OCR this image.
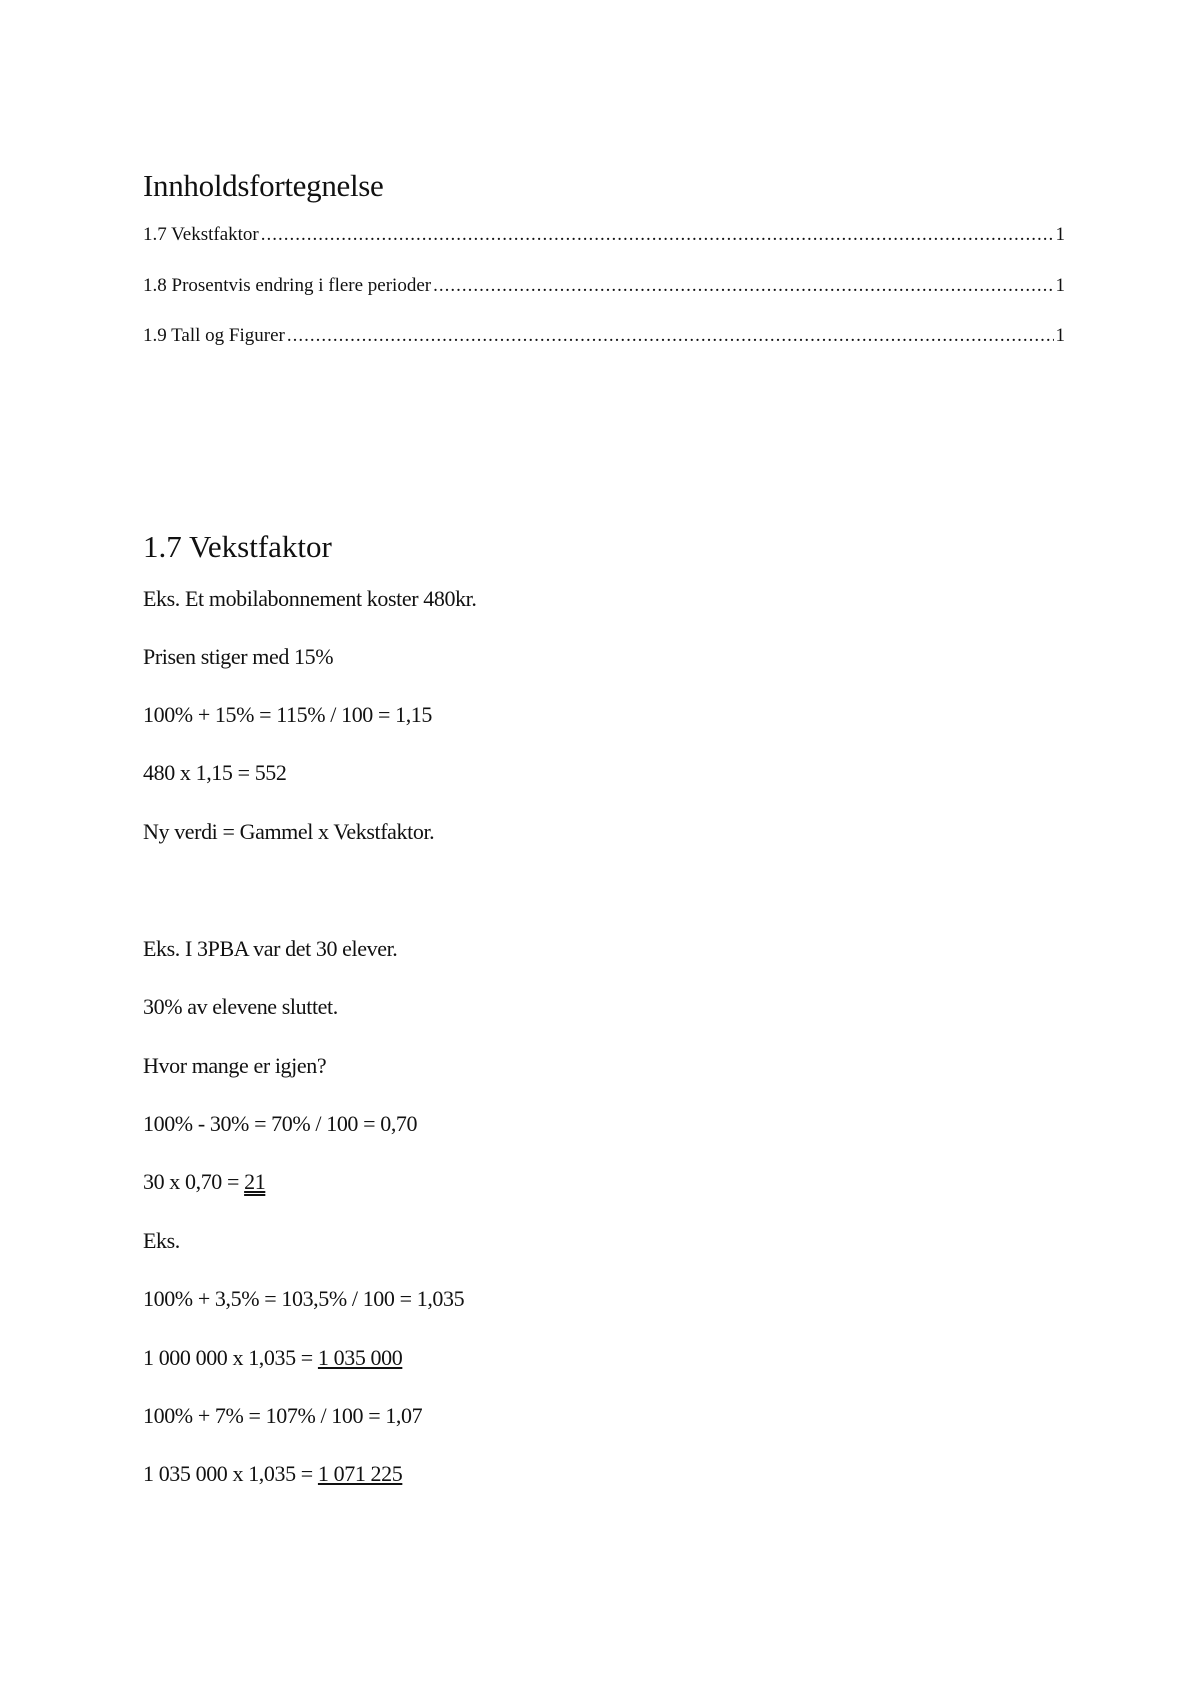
Innholdsfortegnelse
1.7 Vekstfaktor .....	1
1.8 Prosentvis endring i flere perioder .....	1
1.9 Tall og Figurer .....	1
1.7 Vekstfaktor
Eks. Et mobilabonnement koster 480kr.
Prisen stiger med 15%
100% + 15% = 115% / 100 = 1,15
480 x 1,15 = 552
Ny verdi = Gammel x Vekstfaktor.
Eks. I 3PBA var det 30 elever.
30% av elevene sluttet.
Hvor mange er igjen?
100% - 30% = 70% / 100 = 0,70
30 x 0,70 = 21
Eks.
100% + 3,5% = 103,5% / 100 = 1,035
1 000 000 x 1,035 = 1 035 000
100% + 7% = 107% / 100 = 1,07
1 035 000 x 1,035 = 1 071 225
